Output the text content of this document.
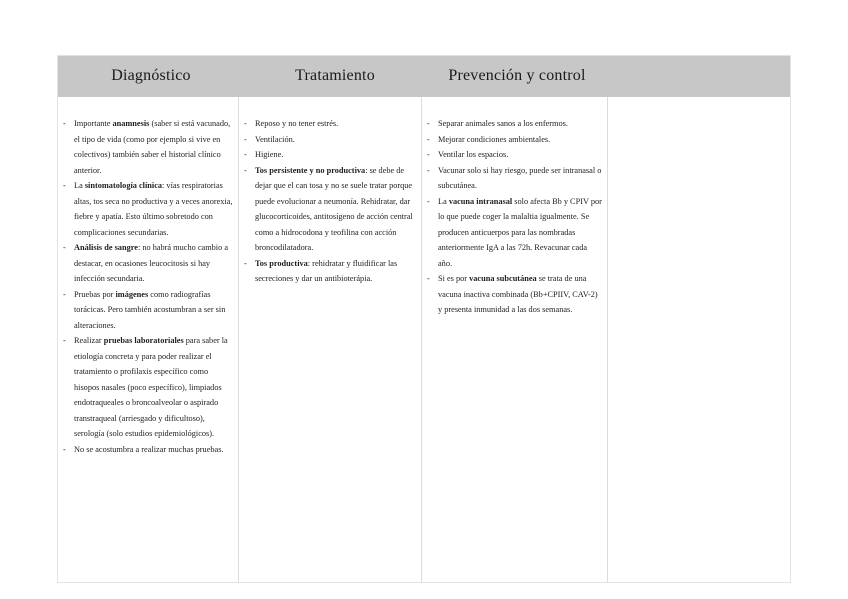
Diagnóstico	Tratamiento	Prevención y control
- Importante anamnesis (saber si está vacunado, el tipo de vida (como por ejemplo si vive en colectivos) también saber el historial clínico anterior.
- La sintomatología clínica: vías respiratorias altas, tos seca no productiva y a veces anorexia, fiebre y apatía. Esto último sobretodo con complicaciones secundarias.
- Análisis de sangre: no habrá mucho cambio a destacar, en ocasiones leucocitosis si hay infección secundaria.
- Pruebas por imágenes como radiografías torácicas. Pero también acostumbran a ser sin alteraciones.
- Realizar pruebas laboratoriales para saber la etiología concreta y para poder realizar el tratamiento o profilaxis específico como hisopos nasales (poco específico), limpiados endotraqueales o broncoalveolar o aspirado transtraqueal (arriesgado y dificultoso), serología (solo estudios epidemiológicos).
- No se acostumbra a realizar muchas pruebas.
- Reposo y no tener estrés.
- Ventilación.
- Higiene.
- Tos persistente y no productiva: se debe de dejar que el can tosa y no se suele tratar porque puede evolucionar a neumonía. Rehidratar, dar glucocorticoides, antitosígeno de acción central como a hidrocodona y teofilina con acción broncodilatadora.
- Tos productiva: rehidratar y fluidificar las secreciones y dar un antibioterápia.
- Separar animales sanos a los enfermos.
- Mejorar condiciones ambientales.
- Ventilar los espacios.
- Vacunar solo si hay riesgo, puede ser intranasal o subcutánea.
- La vacuna intranasal solo afecta Bb y CPIV por lo que puede coger la malaltia igualmente. Se producen anticuerpos para las nombradas anteriormente IgA a las 72h. Revacunar cada año.
- Si es por vacuna subcutánea se trata de una vacuna inactiva combinada (Bb+CPIIV, CAV-2) y presenta inmunidad a las dos semanas.
